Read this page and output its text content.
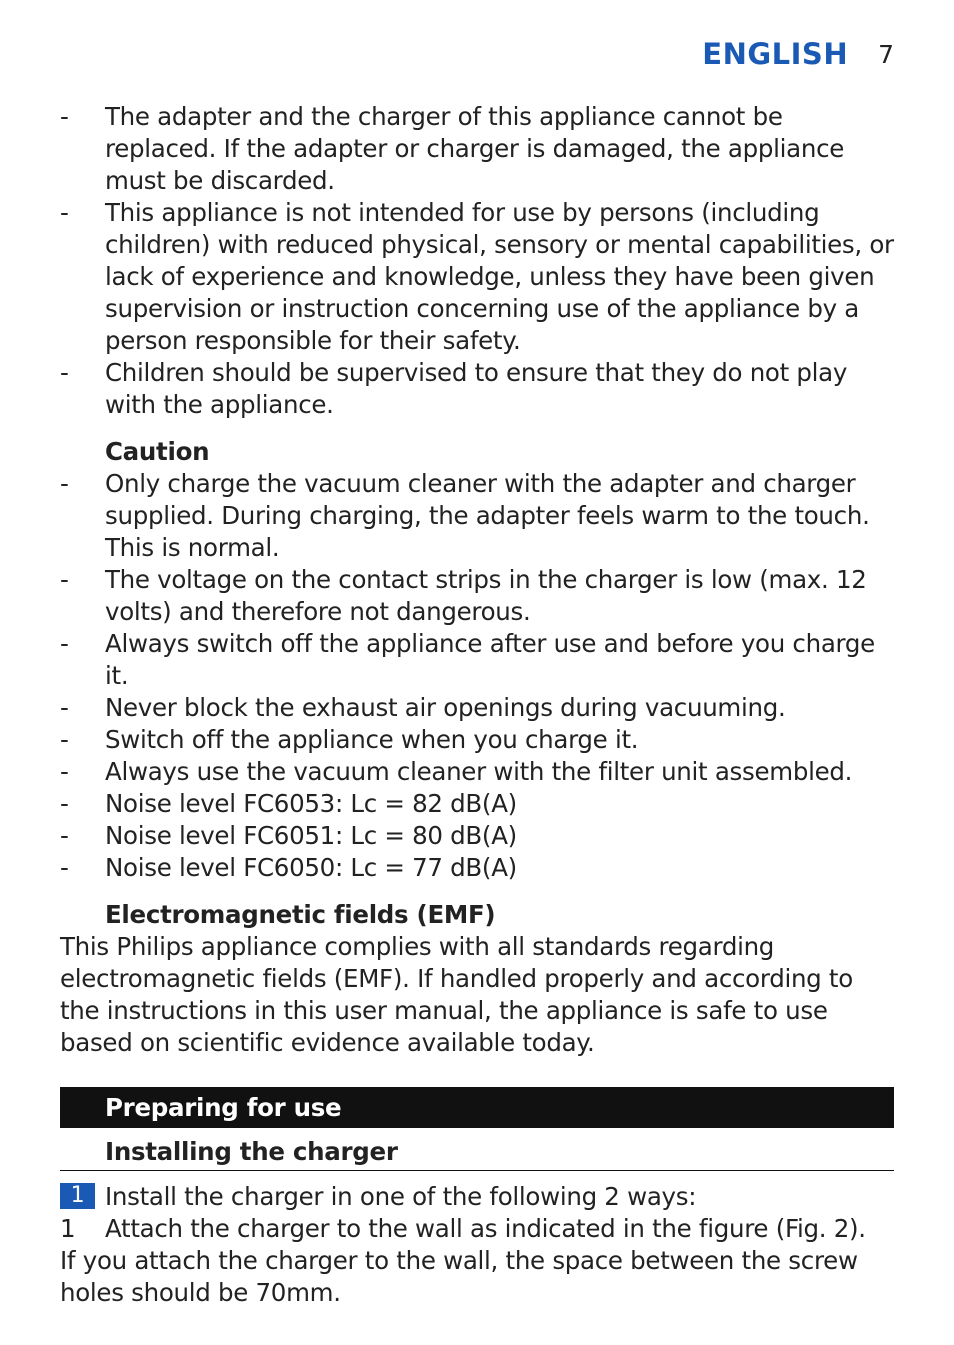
ENGLISH 7
- The adapter and the charger of this appliance cannot be replaced. If the adapter or charger is damaged, the appliance must be discarded.
- This appliance is not intended for use by persons (including children) with reduced physical, sensory or mental capabilities, or lack of experience and knowledge, unless they have been given supervision or instruction concerning use of the appliance by a person responsible for their safety.
- Children should be supervised to ensure that they do not play with the appliance.
Caution
- Only charge the vacuum cleaner with the adapter and charger supplied. During charging, the adapter feels warm to the touch. This is normal.
- The voltage on the contact strips in the charger is low (max. 12 volts) and therefore not dangerous.
- Always switch off the appliance after use and before you charge it.
- Never block the exhaust air openings during vacuuming.
- Switch off the appliance when you charge it.
- Always use the vacuum cleaner with the filter unit assembled.
- Noise level FC6053: Lc = 82 dB(A)
- Noise level FC6051: Lc = 80 dB(A)
- Noise level FC6050: Lc = 77 dB(A)
Electromagnetic fields (EMF)
This Philips appliance complies with all standards regarding electromagnetic fields (EMF). If handled properly and according to the instructions in this user manual, the appliance is safe to use based on scientific evidence available today.
Preparing for use
Installing the charger
1 Install the charger in one of the following 2 ways:
1 Attach the charger to the wall as indicated in the figure (Fig. 2).
If you attach the charger to the wall, the space between the screw holes should be 70mm.
